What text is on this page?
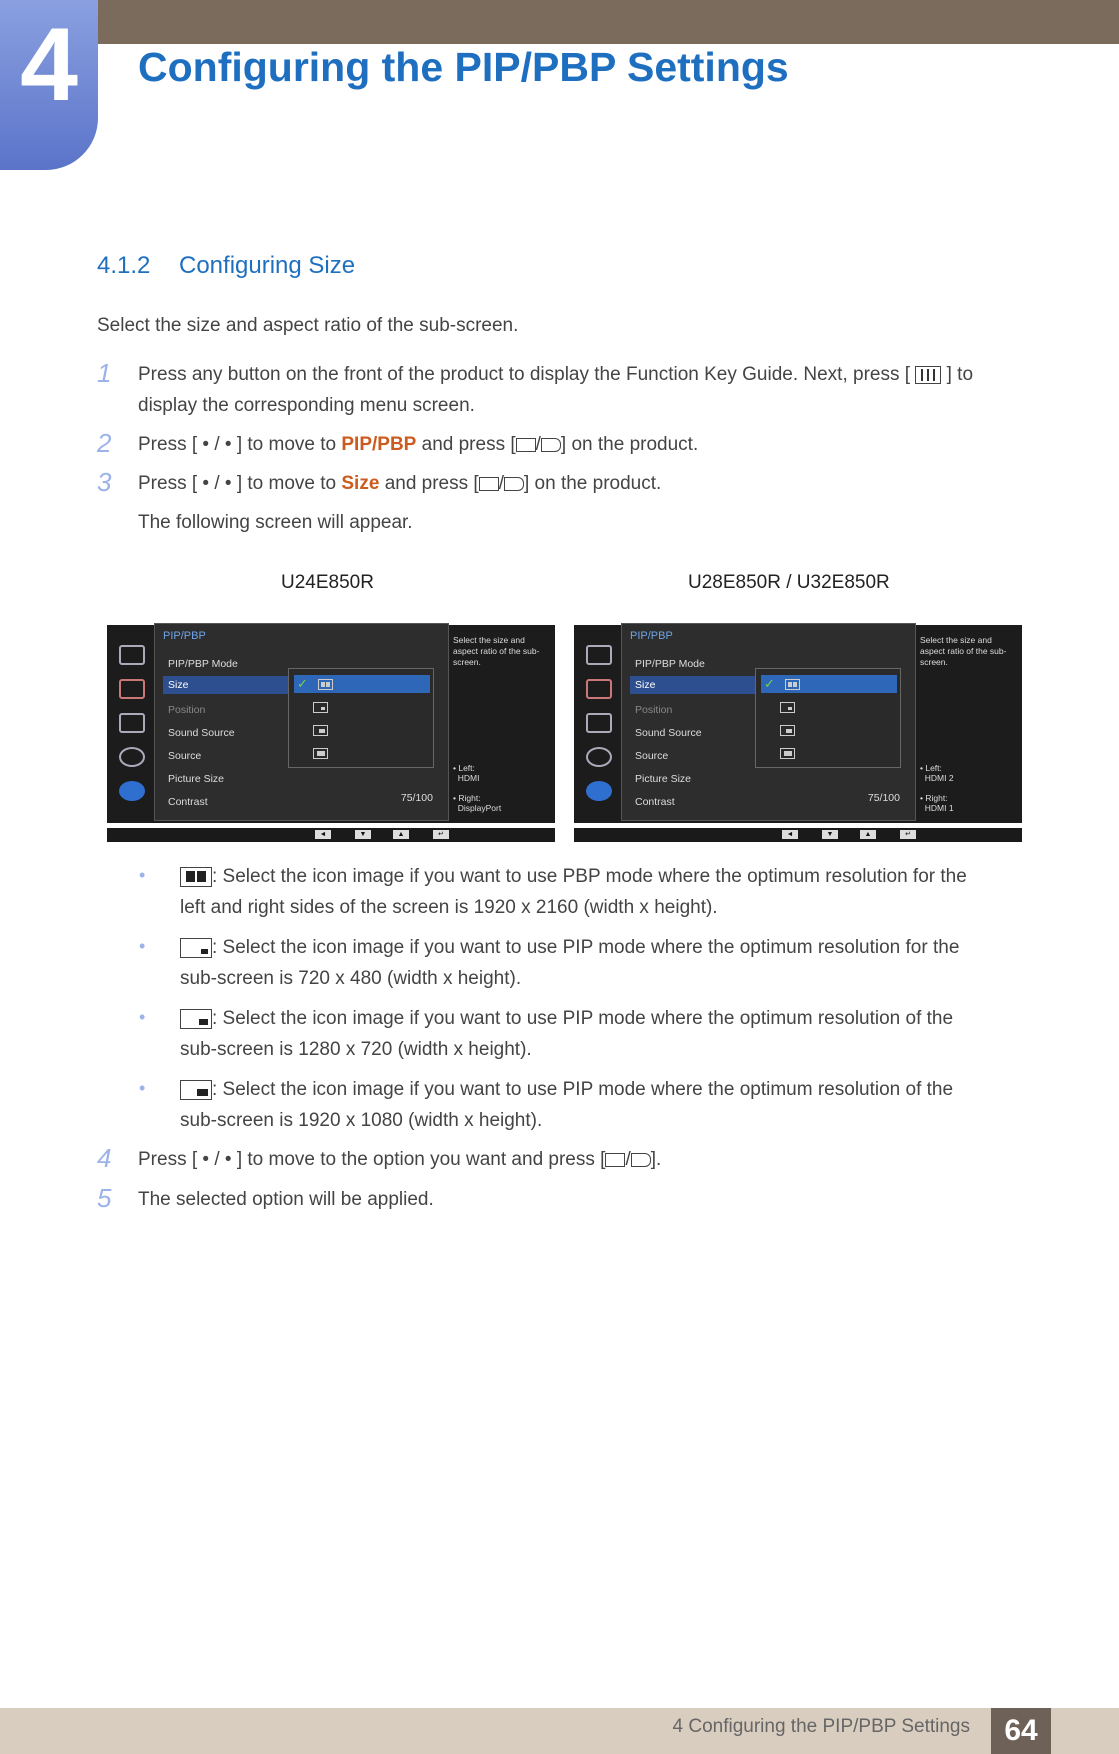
4	Configuring the PIP/PBP Settings
4.1.2 Configuring Size
Select the size and aspect ratio of the sub-screen.
1 Press any button on the front of the product to display the Function Key Guide. Next, press [ ] to
display the corresponding menu screen.
2 Press [ • / • ] to move to PIP/PBP and press [ / ] on the product.
3 Press [ • / • ] to move to Size and press [ / ] on the product.
The following screen will appear.
U24E850R	U28E850R / U32E850R
PIP/PBP
PIP/PBP Mode
Size
Position
Sound Source
Source
Picture Size
Contrast	75/100
✓
Select the size and aspect ratio of the sub-screen.
• Left:
HDMI
• Right:
DisplayPort
◄	▼	▲	↵
PIP/PBP
PIP/PBP Mode
Size
Position
Sound Source
Source
Picture Size
Contrast	75/100
✓
Select the size and aspect ratio of the sub-screen.
• Left:
HDMI 2
• Right:
HDMI 1
◄	▼	▲	↵
•	: Select the icon image if you want to use PBP mode where the optimum resolution for the
left and right sides of the screen is 1920 x 2160 (width x height).
•	: Select the icon image if you want to use PIP mode where the optimum resolution for the
sub-screen is 720 x 480 (width x height).
•	: Select the icon image if you want to use PIP mode where the optimum resolution of the
sub-screen is 1280 x 720 (width x height).
•	: Select the icon image if you want to use PIP mode where the optimum resolution of the
sub-screen is 1920 x 1080 (width x height).
4 Press [ • / • ] to move to the option you want and press [ / ].
5 The selected option will be applied.
4 Configuring the PIP/PBP Settings	64
